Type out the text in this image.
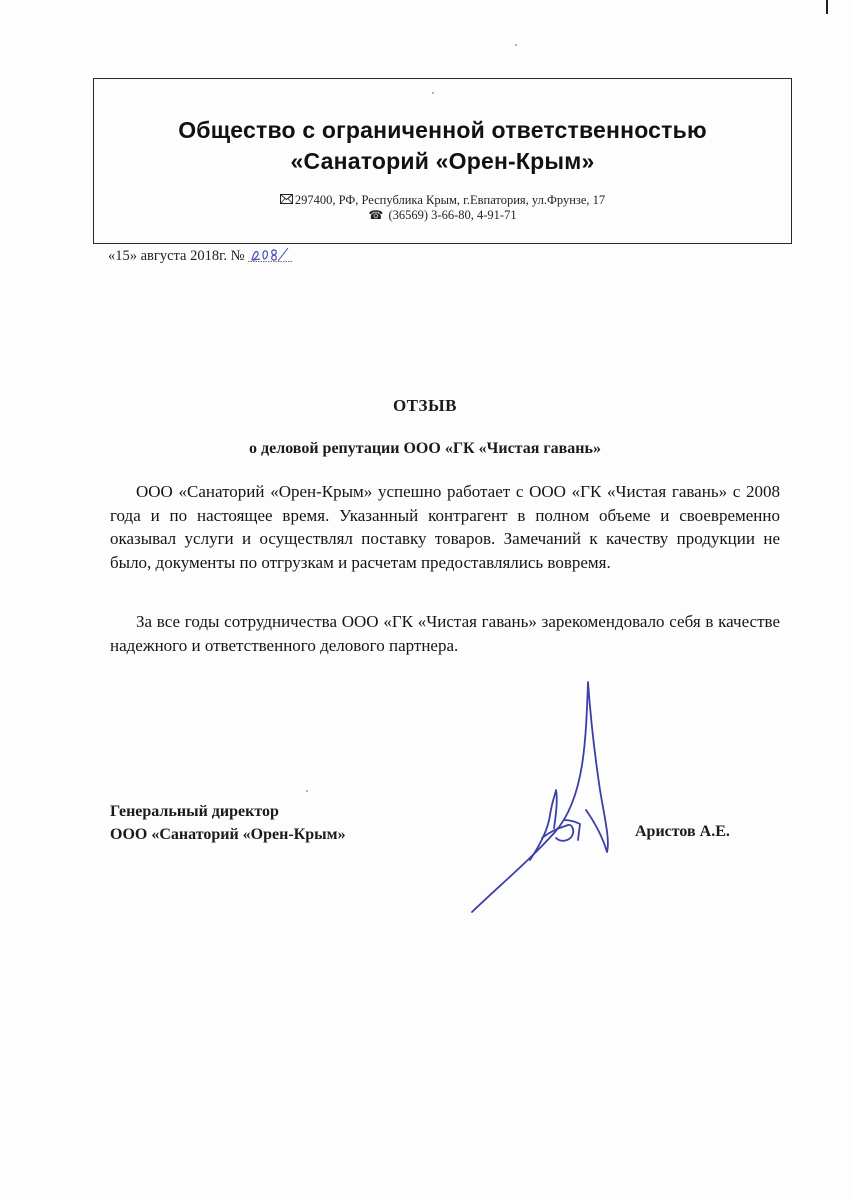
Общество с ограниченной ответственностью
«Санаторий «Орен-Крым»
297400, РФ, Республика Крым, г.Евпатория, ул.Фрунзе, 17
☎ (36569) 3-66-80, 4-91-71
«15» августа 2018г. №
ОТЗЫВ
о деловой репутации ООО «ГК «Чистая гавань»
ООО «Санаторий «Орен-Крым» успешно работает с ООО «ГК «Чистая гавань» с 2008 года и по настоящее время. Указанный контрагент в полном объеме и своевременно оказывал услуги и осуществлял поставку товаров. Замечаний к качеству продукции не было, документы по отгрузкам и расчетам предоставлялись вовремя.
За все годы сотрудничества ООО «ГК «Чистая гавань» зарекомендовало себя в качестве надежного и ответственного делового партнера.
Генеральный директор
ООО «Санаторий «Орен-Крым»	Аристов А.Е.
